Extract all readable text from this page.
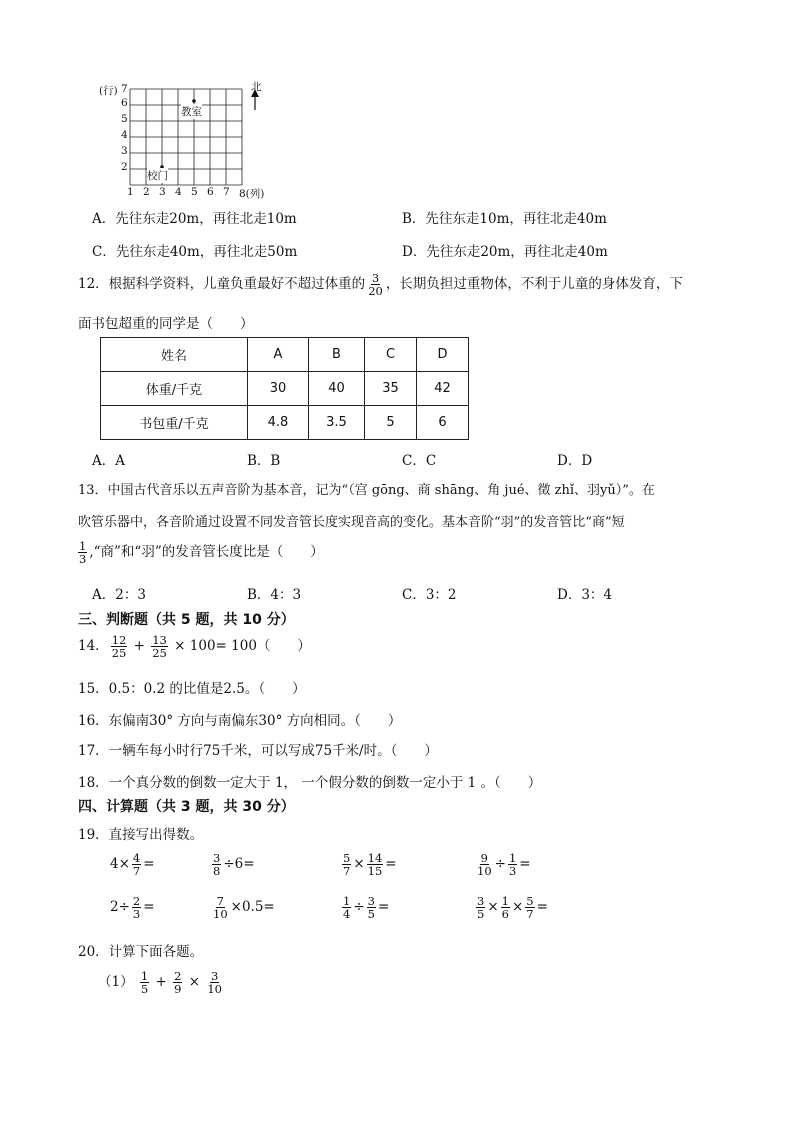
(行)	北
7
6
5
4
3
2
1 2 3 4 5 6 7 8(列)
教室
校门
A．先往东走20m，再往北走10m	B．先往东走10m，再往北走40m
C．先往东走40m，再往北走50m	D．先往东走20m，再往北走40m
12．根据科学资料，儿童负重最好不超过体重的 $\frac{3}{20}$ ，长期负担过重物体，不利于儿童的身体发育，下
面书包超重的同学是（　　）
姓名	A	B	C	D
体重/千克	30	40	35	42
书包重/千克	4.8	3.5	5	6
A．A	B．B	C．C	D．D
13．中国古代音乐以五声音阶为基本音，记为“（宫 gōng、商 shāng、角 jué、徵 zhǐ、羽yǔ）”。在
吹管乐器中，各音阶通过设置不同发音管长度实现音高的变化。基本音阶“羽”的发音管比“商”短
$\frac{1}{3}$ ,“商”和“羽”的发音管长度比是（　　）
A．2：3	B．4：3	C．3：2	D．3：4
三、判断题（共 5 题，共 10 分）
14． $\frac{12}{25} + \frac{13}{25} \times 100= 100$（　　）
15．0.5：0.2 的比值是2.5。（　　）
16．东偏南30° 方向与南偏东30° 方向相同。（　　）
17．一辆车每小时行75千米，可以写成75千米/时。（　　）
18．一个真分数的倒数一定大于 1， 一个假分数的倒数一定小于 1 。（　　）
四、计算题（共 3 题，共 30 分）
19．直接写出得数。
$4\times \frac{4}{7}$ =	$\frac{3}{8} \div 6=$	$\frac{5}{7} \times \frac{14}{15}$ =	$\frac{9}{10} \div \frac{1}{3}$ =
$2\div \frac{2}{3}$ =	$\frac{7}{10} \times 0.5=$	$\frac{1}{4} \div \frac{3}{5}$ =	$\frac{3}{5} \times \frac{1}{6} \times \frac{5}{7}$ =
20．计算下面各题。
$(1) \frac{1}{5} + \frac{2}{9} \times \frac{3}{10}$
